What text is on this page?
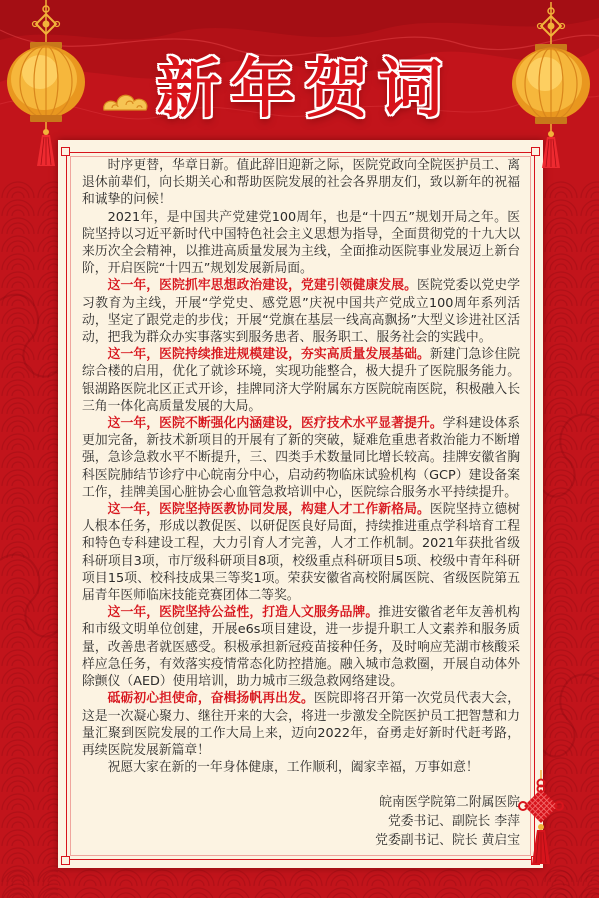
新年贺词

时序更替，华章日新。值此辞旧迎新之际，医院党政向全院医护员工、离退休前辈们，向长期关心和帮助医院发展的社会各界朋友们，致以新年的祝福和诚挚的问候！

2021年，是中国共产党建党100周年，也是“十四五”规划开局之年。医院坚持以习近平新时代中国特色社会主义思想为指导，全面贯彻党的十九大以来历次全会精神，以推进高质量发展为主线，全面推动医院事业发展迈上新台阶，开启医院“十四五”规划发展新局面。

这一年，医院抓牢思想政治建设，党建引领健康发展。医院党委以党史学习教育为主线，开展“学党史、感党恩”庆祝中国共产党成立100周年系列活动，坚定了跟党走的步伐；开展“党旗在基层一线高高飘扬”大型义诊进社区活动，把我为群众办实事落实到服务患者、服务职工、服务社会的实践中。

这一年，医院持续推进规模建设，夯实高质量发展基础。新建门急诊住院综合楼的启用，优化了就诊环境，实现功能整合，极大提升了医院服务能力。银湖路医院北区正式开诊，挂牌同济大学附属东方医院皖南医院，积极融入长三角一体化高质量发展的大局。

这一年，医院不断强化内涵建设，医疗技术水平显著提升。学科建设体系更加完备，新技术新项目的开展有了新的突破，疑难危重患者救治能力不断增强，急诊急救水平不断提升，三、四类手术数量同比增长较高。挂牌安徽省胸科医院肺结节诊疗中心皖南分中心，启动药物临床试验机构（GCP）建设备案工作，挂牌美国心脏协会心血管急救培训中心，医院综合服务水平持续提升。

这一年，医院坚持医教协同发展，构建人才工作新格局。医院坚持立德树人根本任务，形成以教促医、以研促医良好局面，持续推进重点学科培育工程和特色专科建设工程，大力引育人才完善，人才工作机制。2021年获批省级科研项目3项，市厅级科研项目8项，校级重点科研项目5项、校级中青年科研项目15项、校科技成果三等奖1项。荣获安徽省高校附属医院、省级医院第五届青年医师临床技能竞赛团体二等奖。

这一年，医院坚持公益性，打造人文服务品牌。推进安徽省老年友善机构和市级文明单位创建，开展e6s项目建设，进一步提升职工人文素养和服务质量，改善患者就医感受。积极承担新冠疫苗接种任务，及时响应芜湖市核酸采样应急任务，有效落实疫情常态化防控措施。融入城市急救圈，开展自动体外除颤仪（AED）使用培训，助力城市三级急救网络建设。

砥砺初心担使命，奋楫扬帆再出发。医院即将召开第一次党员代表大会，这是一次凝心聚力、继往开来的大会，将进一步激发全院医护员工把智慧和力量汇聚到医院发展的工作大局上来，迈向2022年，奋勇走好新时代赶考路，再续医院发展新篇章！

祝愿大家在新的一年身体健康，工作顺利，阖家幸福，万事如意！

皖南医学院第二附属医院
党委书记、副院长 李萍
党委副书记、院长 黄启宝
